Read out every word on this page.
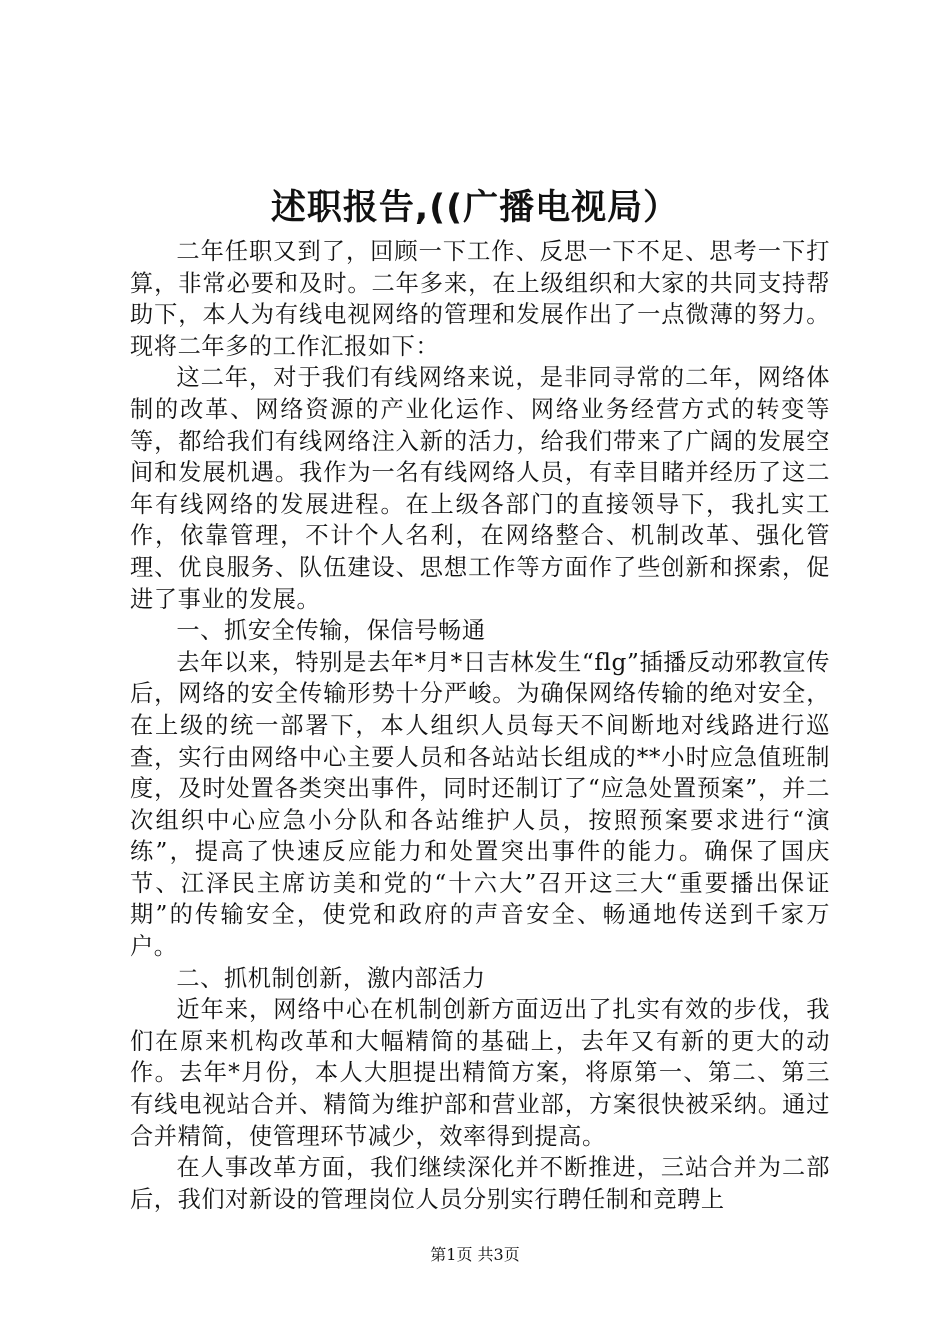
述职报告,((广播电视局）

二年任职又到了，回顾一下工作、反思一下不足、思考一下打算，非常必要和及时。二年多来，在上级组织和大家的共同支持帮助下，本人为有线电视网络的管理和发展作出了一点微薄的努力。现将二年多的工作汇报如下：

这二年，对于我们有线网络来说，是非同寻常的二年，网络体制的改革、网络资源的产业化运作、网络业务经营方式的转变等等，都给我们有线网络注入新的活力，给我们带来了广阔的发展空间和发展机遇。我作为一名有线网络人员，有幸目睹并经历了这二年有线网络的发展进程。在上级各部门的直接领导下，我扎实工作，依靠管理，不计个人名利，在网络整合、机制改革、强化管理、优良服务、队伍建设、思想工作等方面作了些创新和探索，促进了事业的发展。

一、抓安全传输，保信号畅通

去年以来，特别是去年*月*日吉林发生“flg”插播反动邪教宣传后，网络的安全传输形势十分严峻。为确保网络传输的绝对安全，在上级的统一部署下，本人组织人员每天不间断地对线路进行巡查，实行由网络中心主要人员和各站站长组成的**小时应急值班制度，及时处置各类突出事件，同时还制订了“应急处置预案”，并二次组织中心应急小分队和各站维护人员，按照预案要求进行“演练”，提高了快速反应能力和处置突出事件的能力。确保了国庆节、江泽民主席访美和党的“十六大”召开这三大“重要播出保证期”的传输安全，使党和政府的声音安全、畅通地传送到千家万户。

二、抓机制创新，激内部活力

近年来，网络中心在机制创新方面迈出了扎实有效的步伐，我们在原来机构改革和大幅精简的基础上，去年又有新的更大的动作。去年*月份，本人大胆提出精简方案，将原第一、第二、第三有线电视站合并、精简为维护部和营业部，方案很快被采纳。通过合并精简，使管理环节减少，效率得到提高。

在人事改革方面，我们继续深化并不断推进，三站合并为二部后，我们对新设的管理岗位人员分别实行聘任制和竞聘上

第1页 共3页
